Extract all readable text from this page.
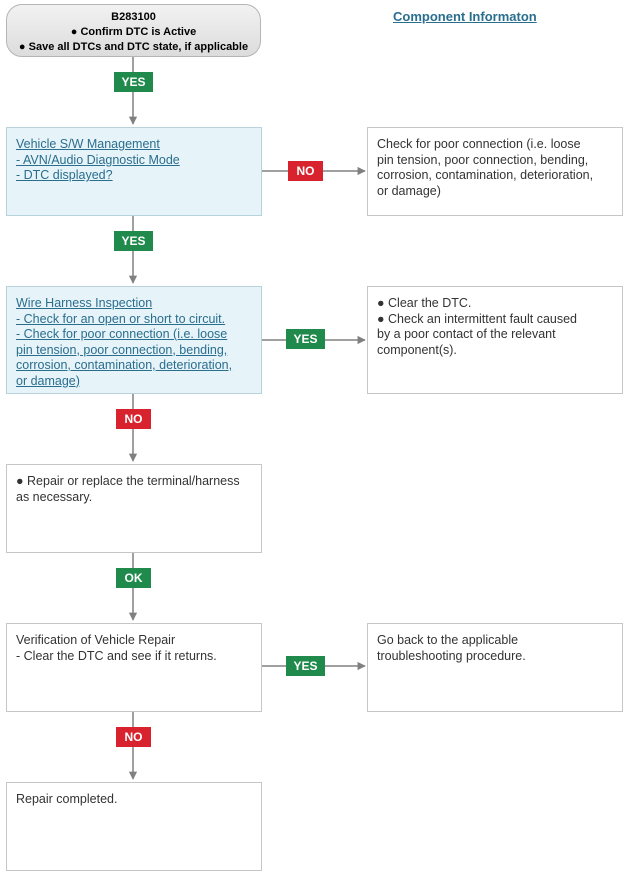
Component Informaton
B283100
● Confirm DTC is Active
● Save all DTCs and DTC state, if applicable
Vehicle S/W Management
- AVN/Audio Diagnostic Mode
- DTC displayed?
Check for poor connection (i.e. loose
pin tension, poor connection, bending,
corrosion, contamination, deterioration,
or damage)
Wire Harness Inspection
- Check for an open or short to circuit.
- Check for poor connection (i.e. loose
pin tension, poor connection, bending,
corrosion, contamination, deterioration,
or damage)
● Clear the DTC.
● Check an intermittent fault caused
by a poor contact of the relevant
component(s).
● Repair or replace the terminal/harness
as necessary.
Verification of Vehicle Repair
- Clear the DTC and see if it returns.
Go back to the applicable
troubleshooting procedure.
Repair completed.
YES
YES
NO
OK
NO
NO
YES
YES
